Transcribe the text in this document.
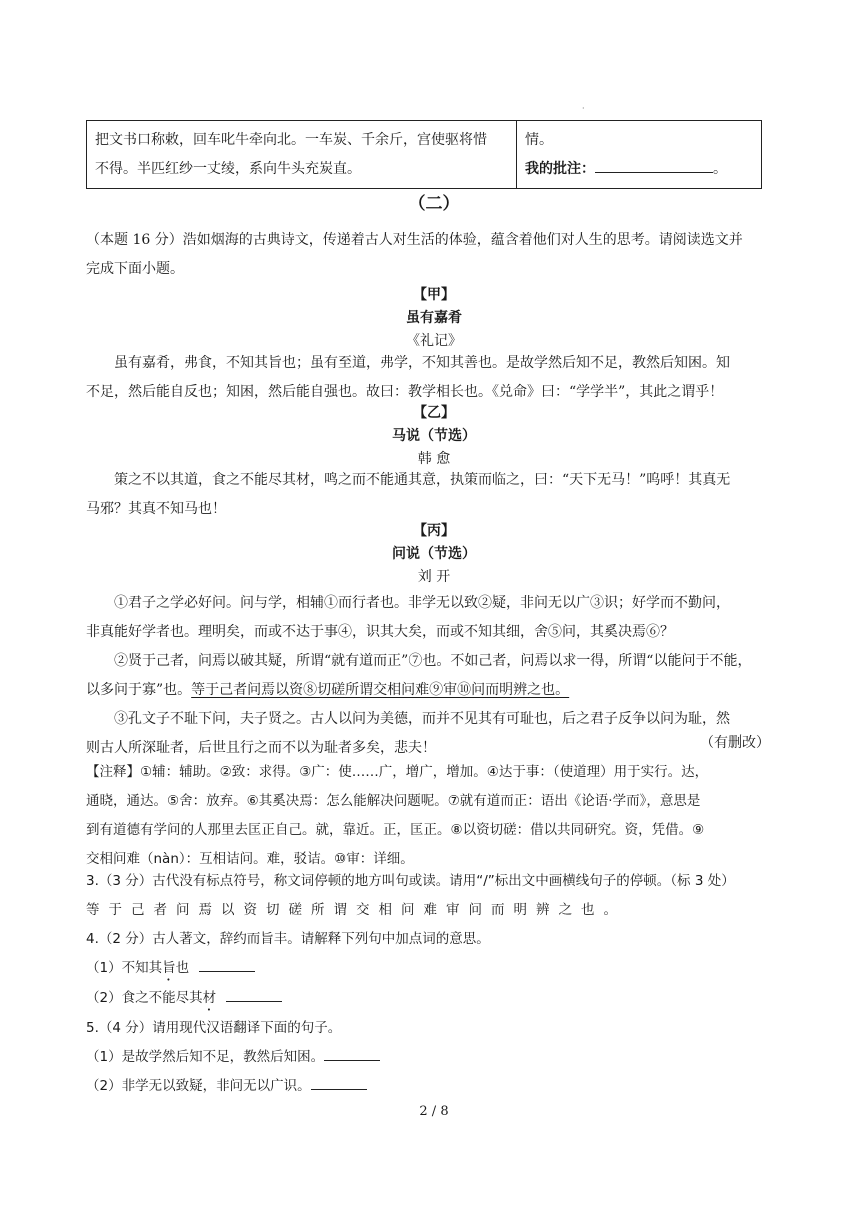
·
把文书口称敕，回车叱牛牵向北。一车炭、千余斤，宫使驱将惜
不得。半匹红纱一丈绫，系向牛头充炭直。
情。
我的批注：	。
（二）
（本题 16 分）浩如烟海的古典诗文，传递着古人对生活的体验，蕴含着他们对人生的思考。请阅读选文并
完成下面小题。
【甲】
虽有嘉肴
《礼记》
虽有嘉肴，弗食，不知其旨也；虽有至道，弗学，不知其善也。是故学然后知不足，教然后知困。知
不足，然后能自反也；知困，然后能自强也。故曰：教学相长也。《兑命》曰：“学学半”，其此之谓乎！
【乙】
马说（节选）
韩 愈
策之不以其道，食之不能尽其材，鸣之而不能通其意，执策而临之，曰：“天下无马！”呜呼！其真无
马邪？其真不知马也！
【丙】
问说（节选）
刘 开
①君子之学必好问。问与学，相辅①而行者也。非学无以致②疑，非问无以广③识；好学而不勤问，
非真能好学者也。理明矣，而或不达于事④，识其大矣，而或不知其细，舍⑤问，其奚决焉⑥？
②贤于己者，问焉以破其疑，所谓“就有道而正”⑦也。不如己者，问焉以求一得，所谓“以能问于不能，
以多问于寡”也。等于己者问焉以资⑧切磋所谓交相问难⑨审⑩问而明辨之也。
③孔文子不耻下问，夫子贤之。古人以问为美德，而并不见其有可耻也，后之君子反争以问为耻，然
则古人所深耻者，后世且行之而不以为耻者多矣，悲夫！	（有删改）
【注释】①辅：辅助。②致：求得。③广：使……广，增广，增加。④达于事：（使道理）用于实行。达，
通晓，通达。⑤舍：放弃。⑥其奚决焉：怎么能解决问题呢。⑦就有道而正：语出《论语·学而》，意思是
到有道德有学问的人那里去匡正自己。就，靠近。正，匡正。⑧以资切磋：借以共同研究。资，凭借。⑨
交相问难（nàn）：互相诘问。难，驳诘。⑩审：详细。
3.（3 分）古代没有标点符号，称文词停顿的地方叫句或读。请用“/”标出文中画横线句子的停顿。（标 3 处）
等于己者问焉以资切磋所谓交相问难审问而明辨之也。
4.（2 分）古人著文，辞约而旨丰。请解释下列句中加点词的意思。
（1）不知其旨也
（2）食之不能尽其材
5.（4 分）请用现代汉语翻译下面的句子。
（1）是故学然后知不足，教然后知困。
（2）非学无以致疑，非问无以广识。
2 / 8
